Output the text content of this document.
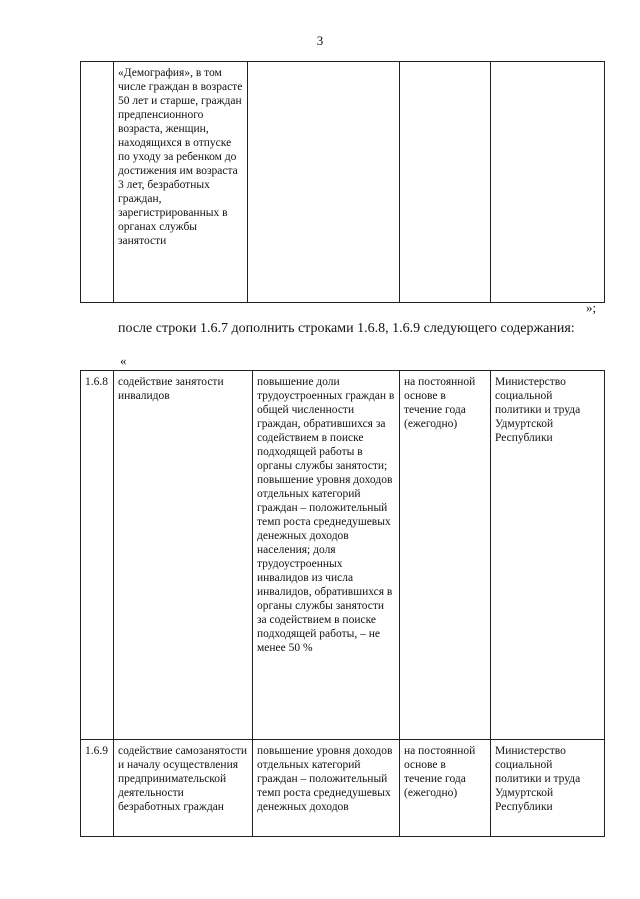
3
	«Демография», в том числе граждан в возрасте 50 лет и старше, граждан предпенсионного возраста, женщин, находящихся в отпуске по уходу за ребенком до достижения им возраста 3 лет, безработных граждан, зарегистрированных в органах службы занятости			
»;
после строки 1.6.7 дополнить строками 1.6.8, 1.6.9 следующего содержания:
«
1.6.8	содействие занятости инвалидов	повышение доли трудоустроенных граждан в общей численности граждан, обратившихся за содействием в поиске подходящей работы в органы службы занятости; повышение уровня доходов отдельных категорий граждан – положительный темп роста среднедушевых денежных доходов населения; доля трудоустроенных инвалидов из числа инвалидов, обратившихся в органы службы занятости за содействием в поиске подходящей работы, – не менее 50 %	на постоянной основе в течение года (ежегодно)	Министерство социальной политики и труда Удмуртской Республики
1.6.9	содействие самозанятости и началу осуществления предпринимательской деятельности безработных граждан	повышение уровня доходов отдельных категорий граждан – положительный темп роста среднедушевых денежных доходов	на постоянной основе в течение года (ежегодно)	Министерство социальной политики и труда Удмуртской Республики
